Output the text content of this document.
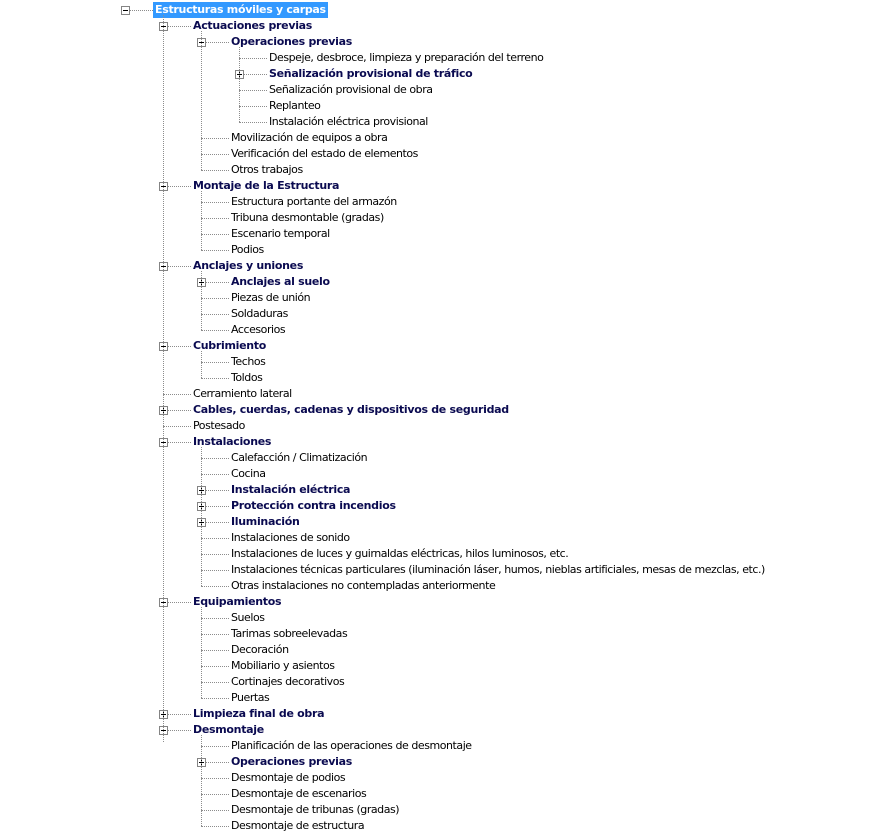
Estructuras móviles y carpas
Actuaciones previas
Operaciones previas
Despeje, desbroce, limpieza y preparación del terreno
Señalización provisional de tráfico
Señalización provisional de obra
Replanteo
Instalación eléctrica provisional
Movilización de equipos a obra
Verificación del estado de elementos
Otros trabajos
Montaje de la Estructura
Estructura portante del armazón
Tribuna desmontable (gradas)
Escenario temporal
Podios
Anclajes y uniones
Anclajes al suelo
Piezas de unión
Soldaduras
Accesorios
Cubrimiento
Techos
Toldos
Cerramiento lateral
Cables, cuerdas, cadenas y dispositivos de seguridad
Postesado
Instalaciones
Calefacción / Climatización
Cocina
Instalación eléctrica
Protección contra incendios
Iluminación
Instalaciones de sonido
Instalaciones de luces y guirnaldas eléctricas, hilos luminosos, etc.
Instalaciones técnicas particulares (iluminación láser, humos, nieblas artificiales, mesas de mezclas, etc.)
Otras instalaciones no contempladas anteriormente
Equipamientos
Suelos
Tarimas sobreelevadas
Decoración
Mobiliario y asientos
Cortinajes decorativos
Puertas
Limpieza final de obra
Desmontaje
Planificación de las operaciones de desmontaje
Operaciones previas
Desmontaje de podios
Desmontaje de escenarios
Desmontaje de tribunas (gradas)
Desmontaje de estructura
